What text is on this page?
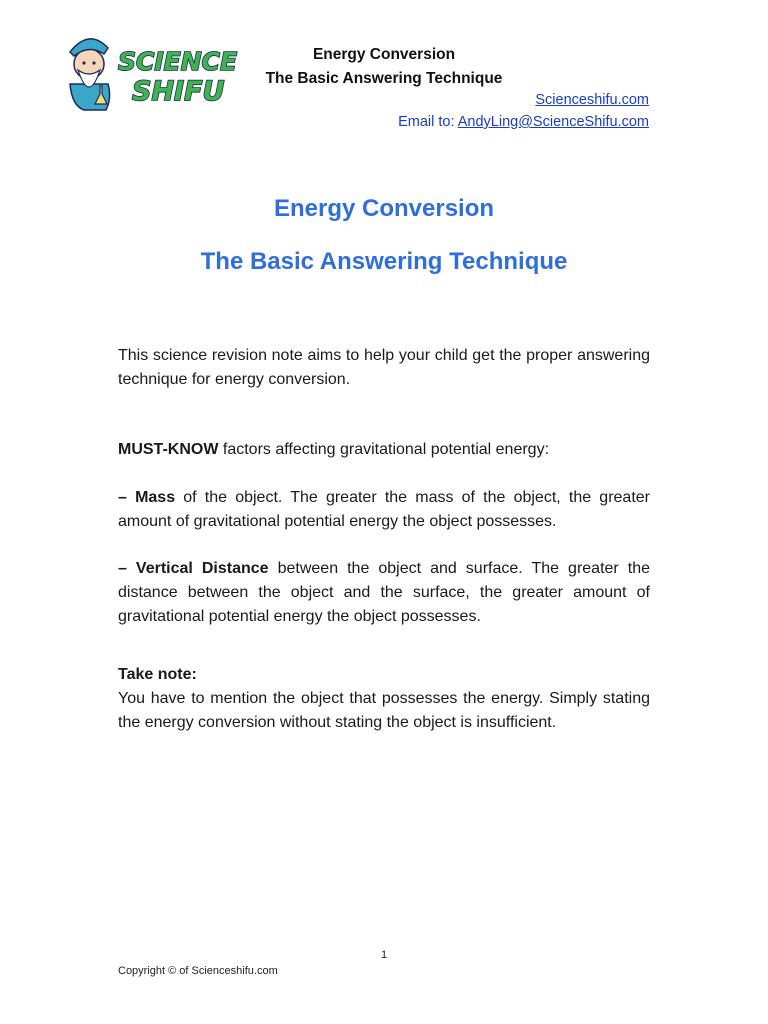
SCIENCE
SHIFU
Energy Conversion
The Basic Answering Technique
Scienceshifu.com
Email to: AndyLing@ScienceShifu.com
Energy Conversion
The Basic Answering Technique
This science revision note aims to help your child get the proper answering technique for energy conversion.
MUST-KNOW factors affecting gravitational potential energy:
– Mass of the object. The greater the mass of the object, the greater amount of gravitational potential energy the object possesses.
– Vertical Distance between the object and surface. The greater the distance between the object and the surface, the greater amount of gravitational potential energy the object possesses.
Take note:
You have to mention the object that possesses the energy. Simply stating the energy conversion without stating the object is insufficient.
1
Copyright © of Scienceshifu.com
